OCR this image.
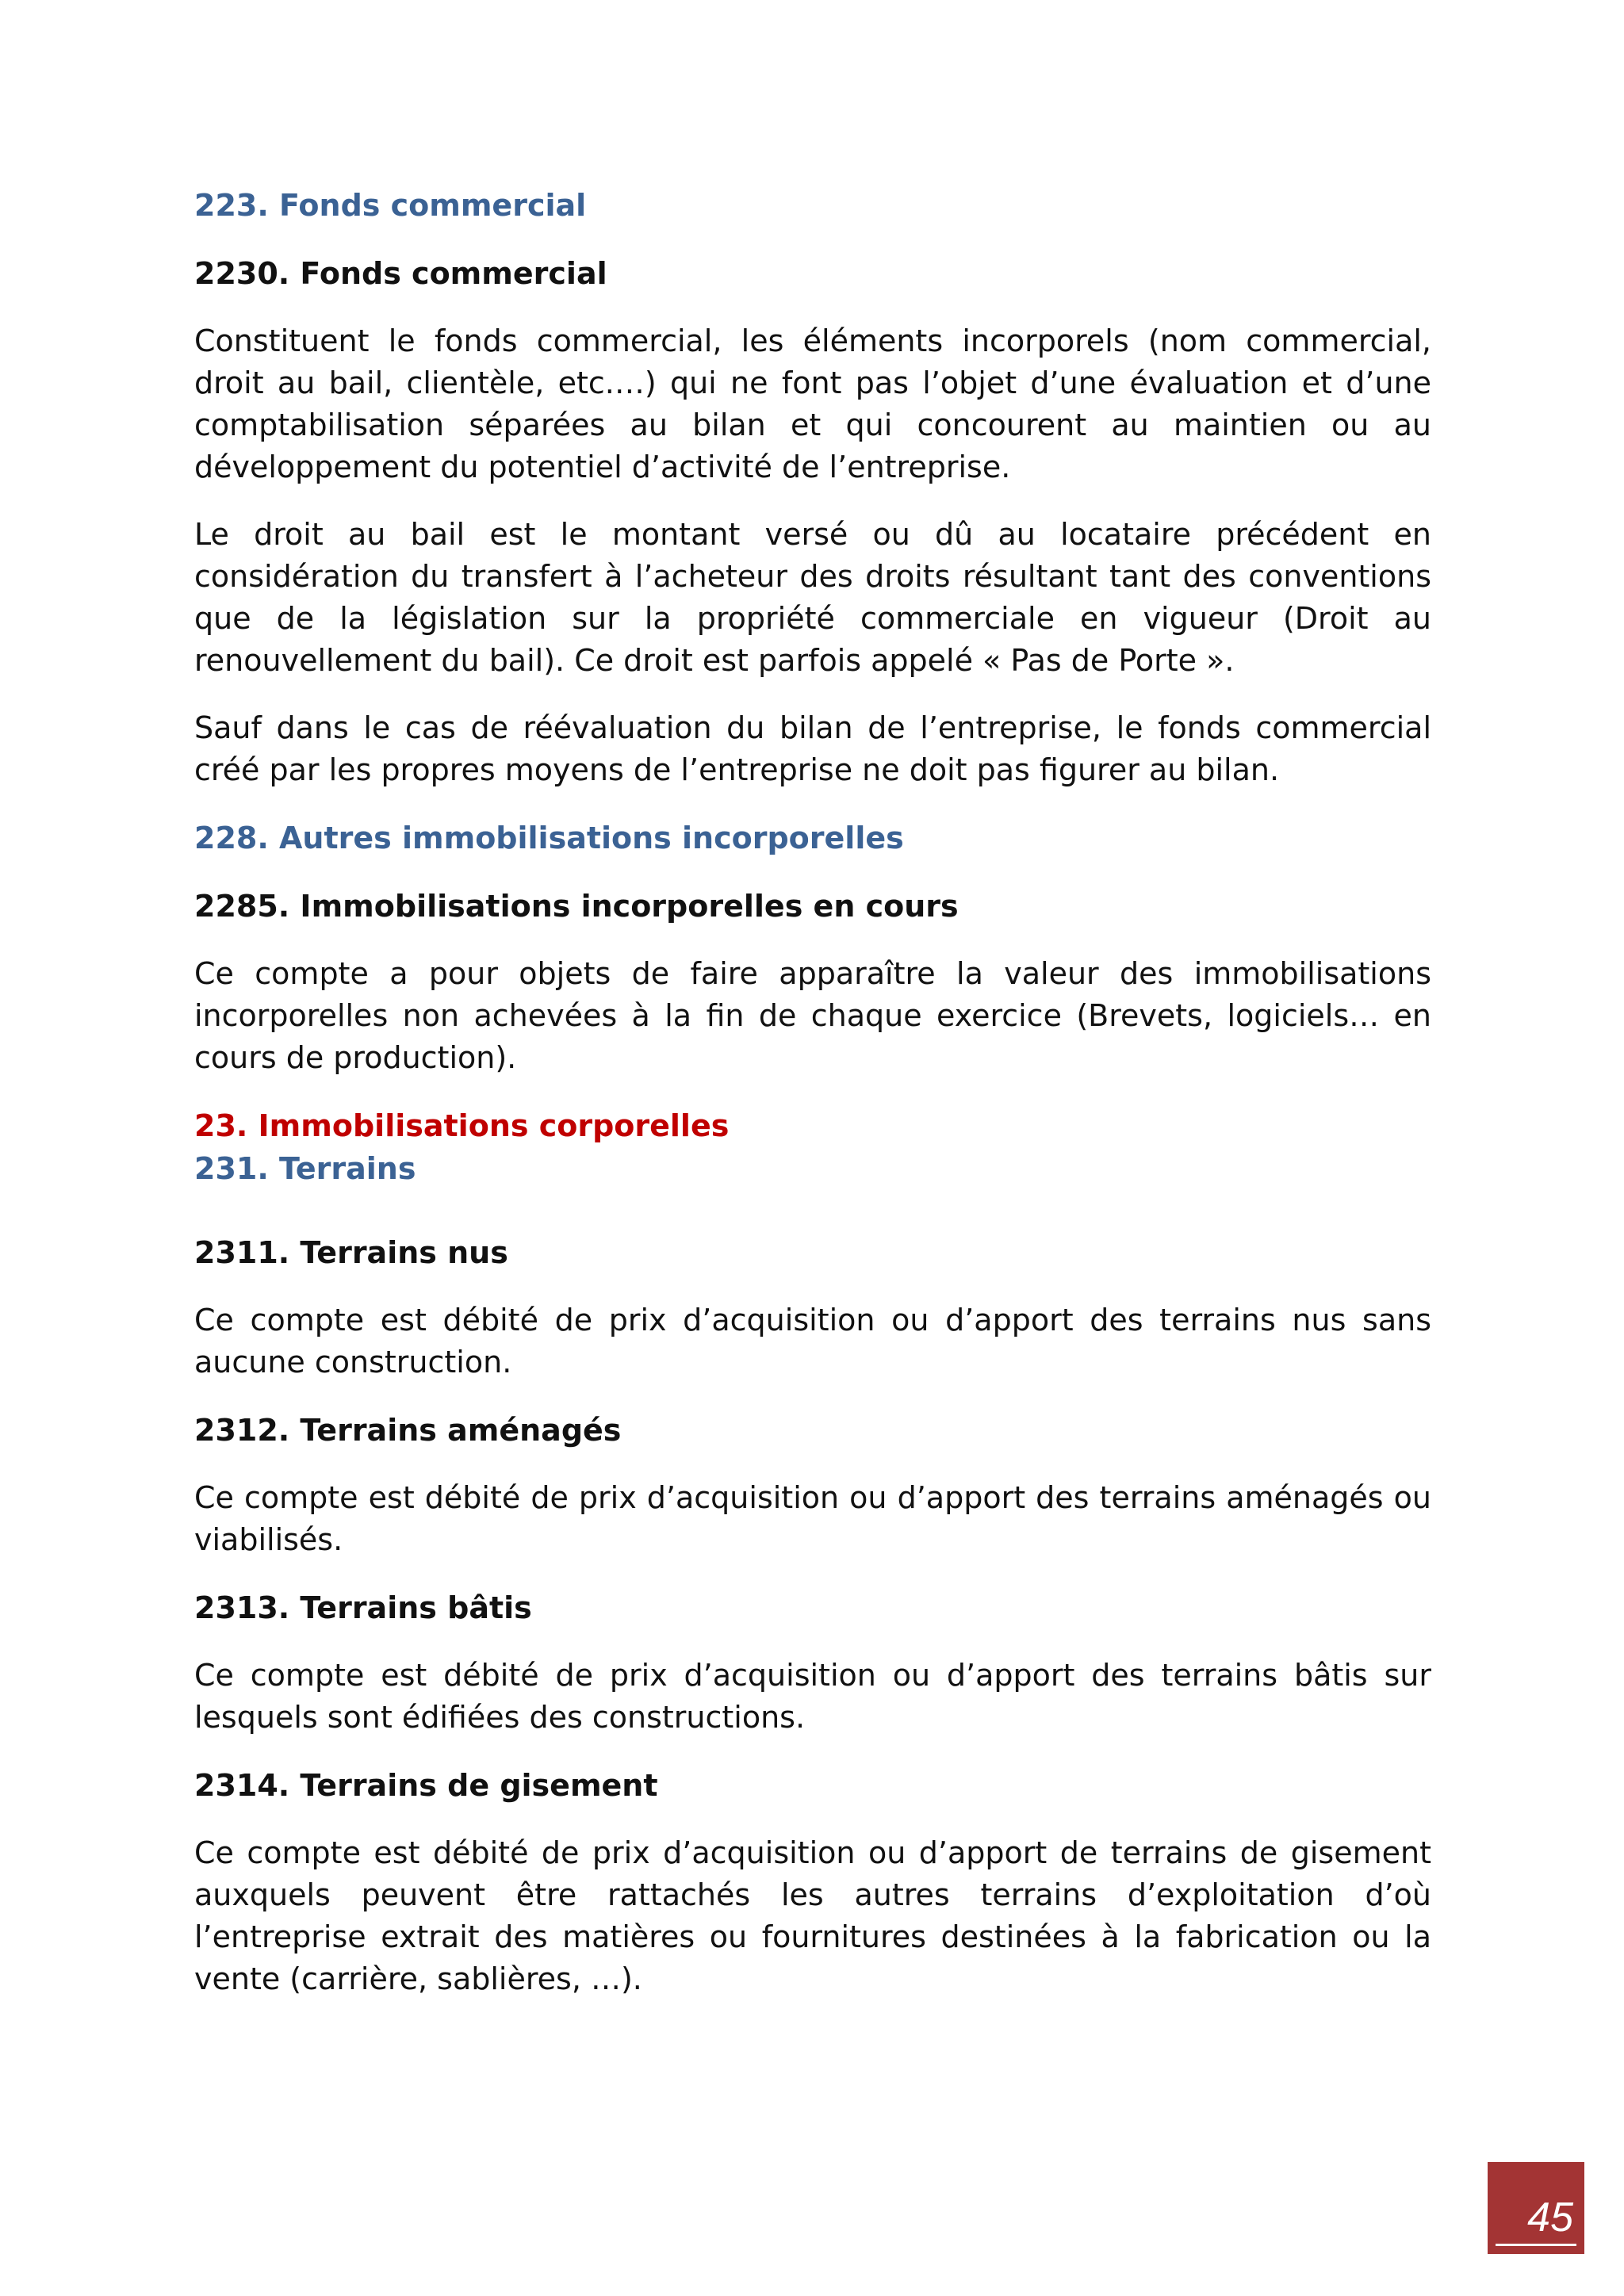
223. Fonds commercial
2230. Fonds commercial

Constituent le fonds commercial, les éléments incorporels (nom commercial, droit au bail, clientèle, etc.…) qui ne font pas l’objet d’une évaluation et d’une comptabilisation séparées au bilan et qui concourent au maintien ou au développement du potentiel d’activité de l’entreprise.

Le droit au bail est le montant versé ou dû au locataire précédent en considération du transfert à l’acheteur des droits résultant tant des conventions que de la législation sur la propriété commerciale en vigueur (Droit au renouvellement du bail). Ce droit est parfois appelé « Pas de Porte ».

Sauf dans le cas de réévaluation du bilan de l’entreprise, le fonds commercial créé par les propres moyens de l’entreprise ne doit pas figurer au bilan.

228. Autres immobilisations incorporelles
2285. Immobilisations incorporelles en cours

Ce compte a pour objets de faire apparaître la valeur des immobilisations incorporelles non achevées à la fin de chaque exercice (Brevets, logiciels… en cours de production).

23. Immobilisations corporelles
231. Terrains
2311. Terrains nus

Ce compte est débité de prix d’acquisition ou d’apport des terrains nus sans aucune construction.

2312. Terrains aménagés

Ce compte est débité de prix d’acquisition ou d’apport des terrains aménagés ou viabilisés.

2313. Terrains bâtis

Ce compte est débité de prix d’acquisition ou d’apport des terrains bâtis sur lesquels sont édifiées des constructions.

2314. Terrains de gisement

Ce compte est débité de prix d’acquisition ou d’apport de terrains de gisement auxquels peuvent être rattachés les autres terrains d’exploitation d’où l’entreprise extrait des matières ou fournitures destinées à la fabrication ou la vente (carrière, sablières, …).

45
